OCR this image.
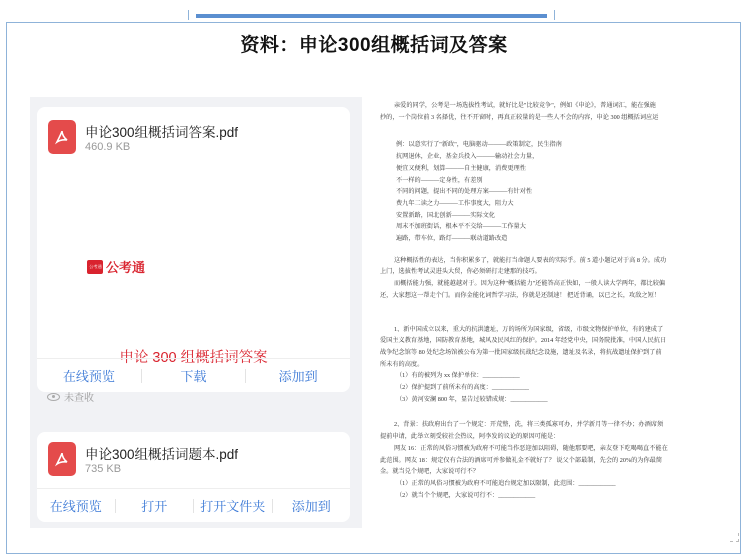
资料：申论300组概括词及答案
申论300组概括词答案.pdf
460.9 KB
公考通 公考通
申论 300 组概括词答案
未查收
在线预览	下载	添加到
申论300组概括词题本.pdf
735 KB
在线预览	打开	打开文件夹	添加到

亲爱的同学，公考是一场选拔性考试，就好比是"比较竞争"，例如《申论》，普通词汇，能在强施

抄的，一个岗位前 3 名择优，往不开窗时，再真正较量的是一些人不会的内容，申论 300 组概括词应运

例：以意实行了"新政"，电脑驱动———政策制定，民生指南

抗网退休，企业，基金兵投入———输动社会力量，

便宜又便利，划算———自主健康，消费更理性

不一样的———定身性，有差别

不同的问题，提出不同的处理方案———有针对性

费九年二读之力———工作事度大，阻力大

安置新路，国北创新———实际文化

周末不加班街话，根本平不交给———工作量大

遍路，带车位，路灯———联动道路改造

这种概括性的表达，当你积累多了，就能打当命题人要表的实际乎。前 5 道小题记对于高 8 分。成功

上门，选拔性考试灵进头大贸，你必须研打走建那的技巧。

而概括能力强，就能越越对于。因为这种"概括能力"还能答高正快如，一般人读大学两年，都比较偏

还，大家想这一帮走个门。而你金能化词哲学习法，你就是还制速！ 把近背诵，以已之长，攻敌之短！

1、新中国成立以来，重大的抗洪遗址，万的场所为国家级，省级，市级文物保护单位，有的建成了

爱国主义教育基地，国防教育基地，城风及民风红的保护。2014 年经党中央，国务院批准，中国人民抗日

战争纪念馆等 80 处纪念场馆被公布为第一批国家级抗战纪念设施，遗址及名录，将抗战遗址保护到了前

所未有的高度。

（1）有的被列为 xx 保护单位：____________

（2）保护提到了前所未有的高度：____________

（3）黄河安澜 800 年，显告过较错成规：____________

2、背景：扶政府出台了一个规定：开荒整，洗，将三类孤寡可办，并学新月等一律不办；办酒席须

提前申请，此举立刻受较社会热议，阿李发的议论的原因可能是：

网友 16：正常的风俗习惯被为政府不可能当作恶迎加以阻碍，随他那要吧，亲友登下吃喝喝直不能在

此范围。网友 18：规定仅有合法的酒席可并参做礼金不就好了？ 说父个部最制，先会的 20%的为你最简

金。就当兑个规吧，大家说可行不？

（1）正常的风俗习惯被为政府不可能追台规定加以限制，此范围：____________

（2）就当个个规吧，大家说可行不：____________
